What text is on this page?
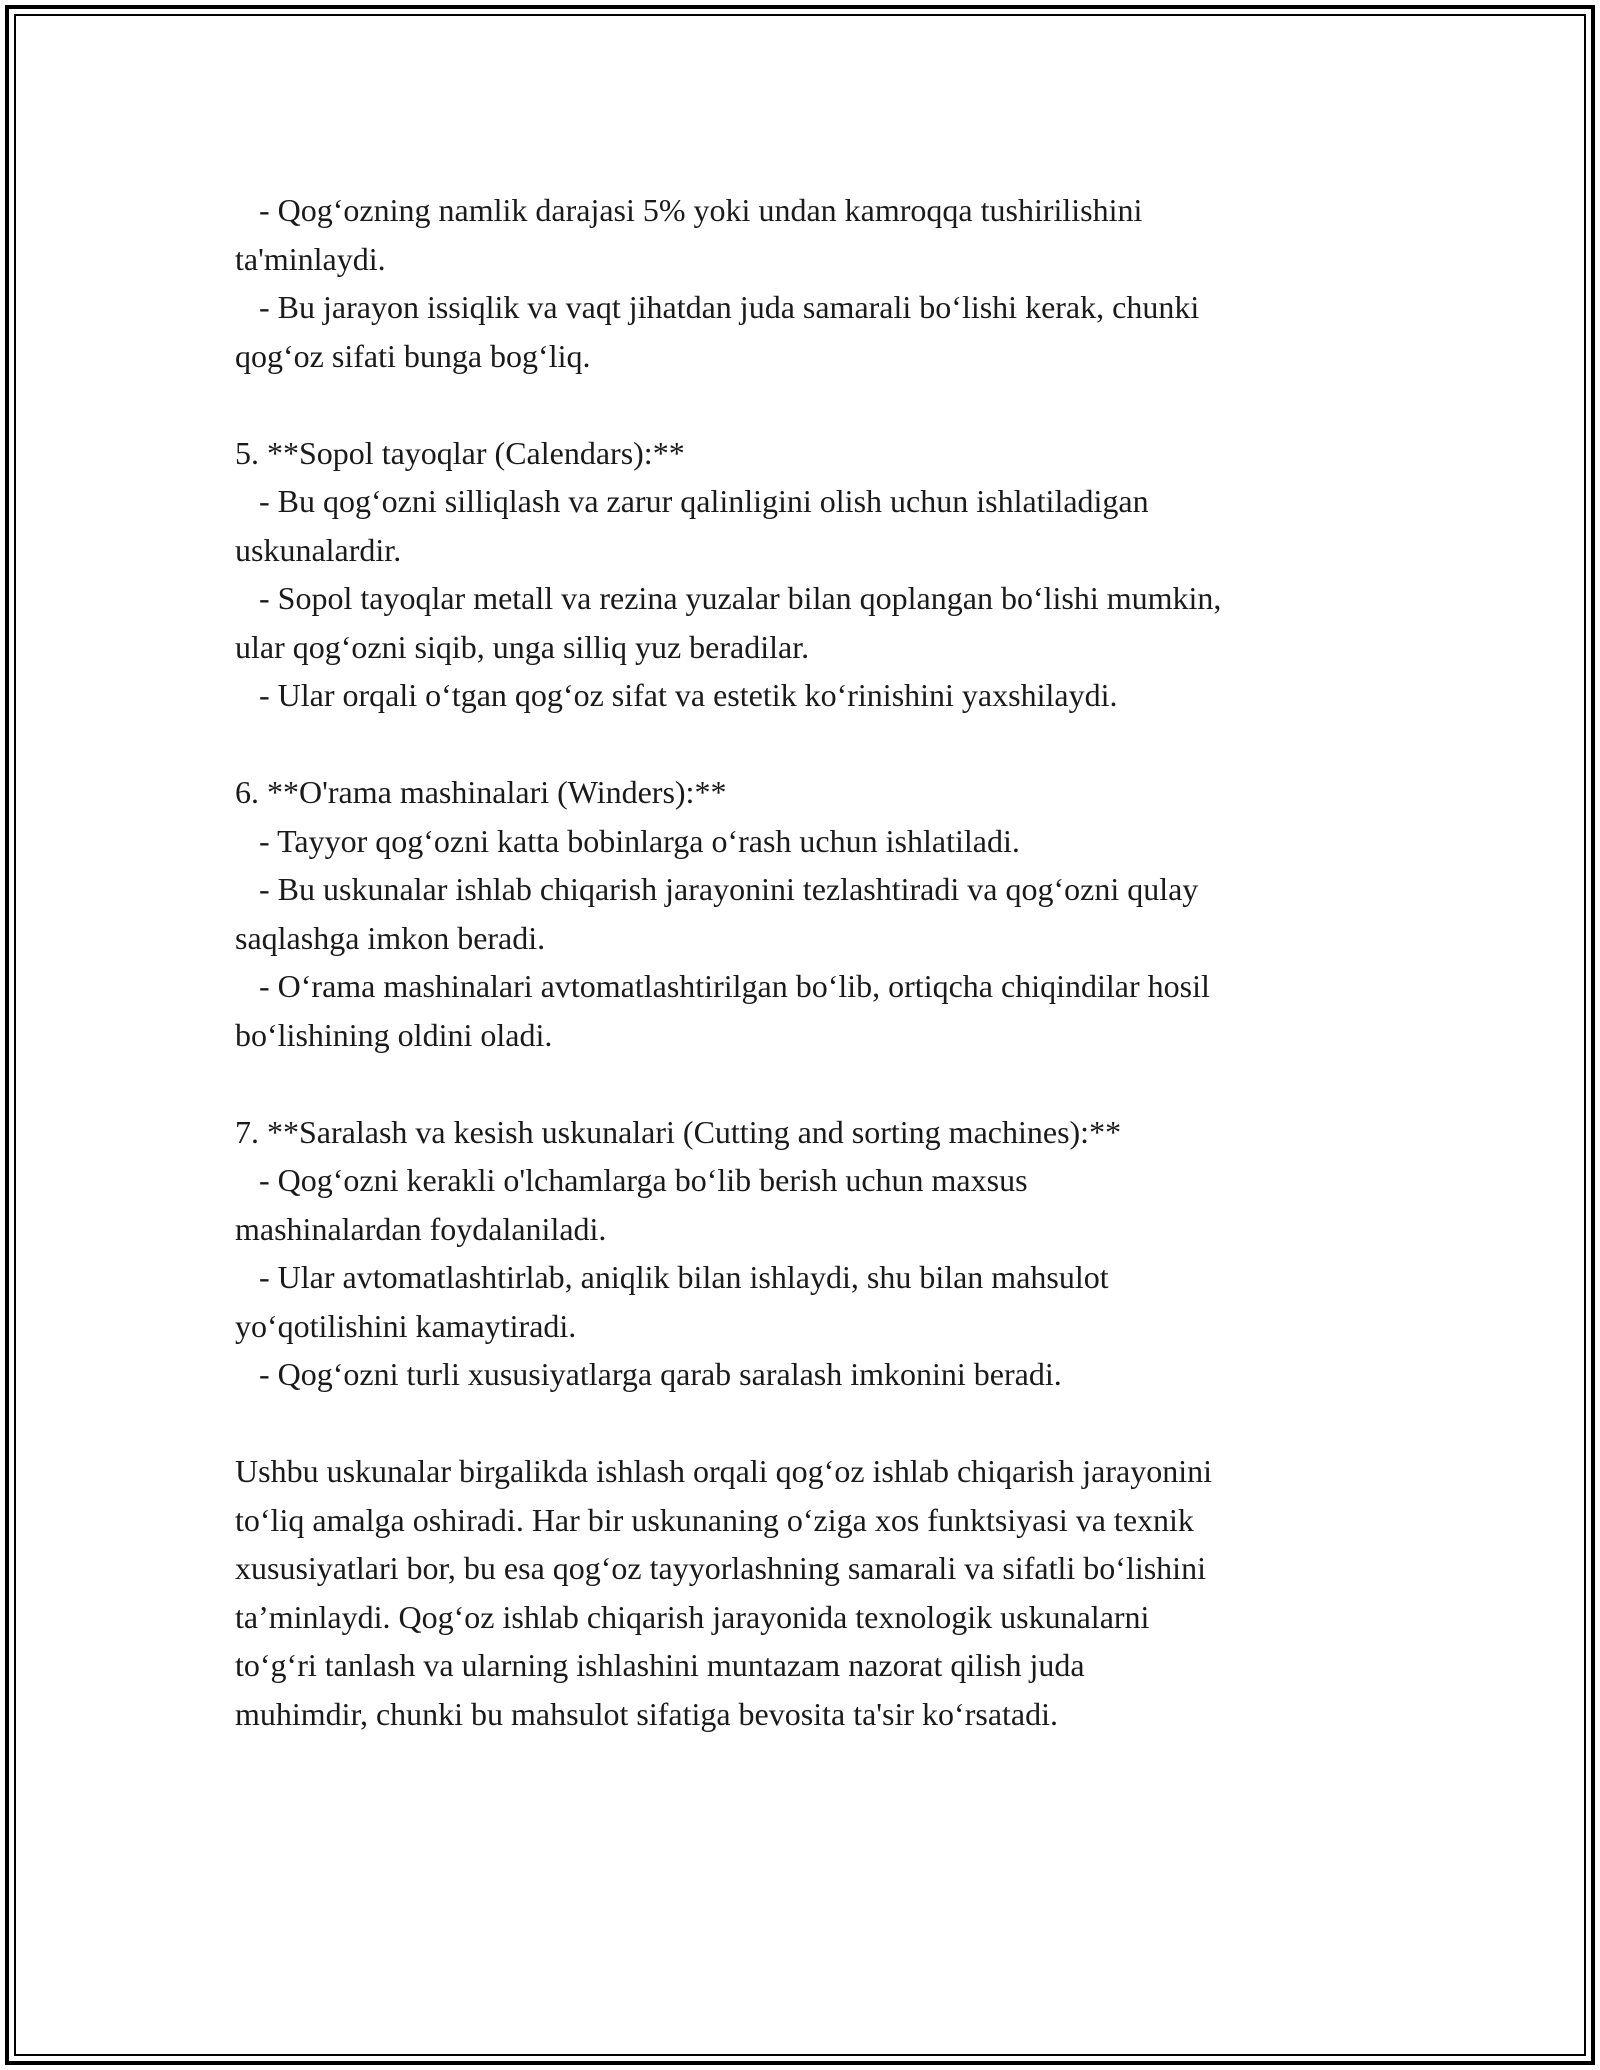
- Qog‘ozning namlik darajasi 5% yoki undan kamroqqa tushirilishini

ta'minlaydi.

- Bu jarayon issiqlik va vaqt jihatdan juda samarali bo‘lishi kerak, chunki

qog‘oz sifati bunga bog‘liq.

5. **Sopol tayoqlar (Calendars):**

- Bu qog‘ozni silliqlash va zarur qalinligini olish uchun ishlatiladigan

uskunalardir.

- Sopol tayoqlar metall va rezina yuzalar bilan qoplangan bo‘lishi mumkin,

ular qog‘ozni siqib, unga silliq yuz beradilar.

- Ular orqali o‘tgan qog‘oz sifat va estetik ko‘rinishini yaxshilaydi.

6. **O'rama mashinalari (Winders):**

- Tayyor qog‘ozni katta bobinlarga o‘rash uchun ishlatiladi.

- Bu uskunalar ishlab chiqarish jarayonini tezlashtiradi va qog‘ozni qulay

saqlashga imkon beradi.

- O‘rama mashinalari avtomatlashtirilgan bo‘lib, ortiqcha chiqindilar hosil

bo‘lishining oldini oladi.

7. **Saralash va kesish uskunalari (Cutting and sorting machines):**

- Qog‘ozni kerakli o'lchamlarga bo‘lib berish uchun maxsus

mashinalardan foydalaniladi.

- Ular avtomatlashtirlab, aniqlik bilan ishlaydi, shu bilan mahsulot

yo‘qotilishini kamaytiradi.

- Qog‘ozni turli xususiyatlarga qarab saralash imkonini beradi.

Ushbu uskunalar birgalikda ishlash orqali qog‘oz ishlab chiqarish jarayonini

to‘liq amalga oshiradi. Har bir uskunaning o‘ziga xos funktsiyasi va texnik

xususiyatlari bor, bu esa qog‘oz tayyorlashning samarali va sifatli bo‘lishini

ta’minlaydi. Qog‘oz ishlab chiqarish jarayonida texnologik uskunalarni

to‘g‘ri tanlash va ularning ishlashini muntazam nazorat qilish juda

muhimdir, chunki bu mahsulot sifatiga bevosita ta'sir ko‘rsatadi.
